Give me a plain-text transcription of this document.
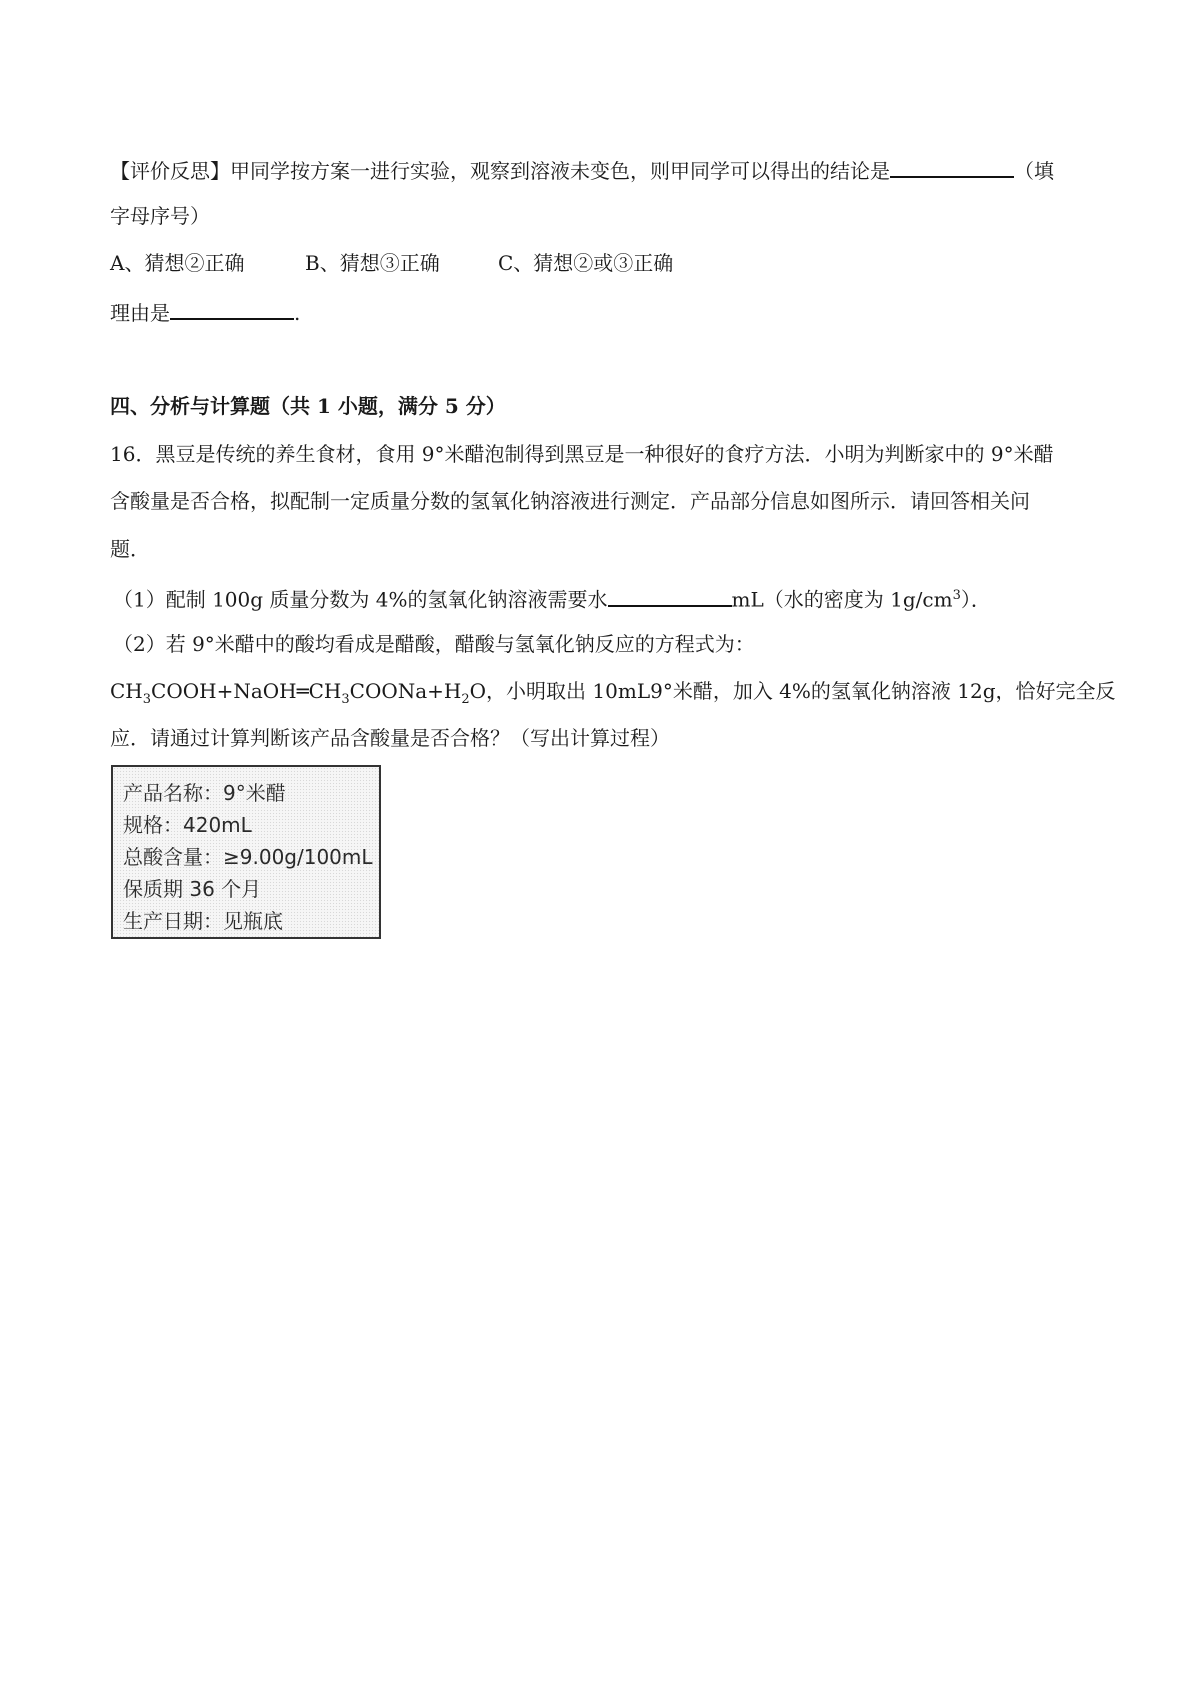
【评价反思】甲同学按方案一进行实验，观察到溶液未变色，则甲同学可以得出的结论是	（填
字母序号）
A、猜想②正确	B、猜想③正确	C、猜想②或③正确
理由是	.
四、分析与计算题（共 1 小题，满分 5 分）
16．黑豆是传统的养生食材，食用 9°米醋泡制得到黑豆是一种很好的食疗方法．小明为判断家中的 9°米醋
含酸量是否合格，拟配制一定质量分数的氢氧化钠溶液进行测定．产品部分信息如图所示．请回答相关问
题．
（1）配制 100g 质量分数为 4%的氢氧化钠溶液需要水	mL（水的密度为 $1g/cm^3$）．
（2）若 9°米醋中的酸均看成是醋酸，醋酸与氢氧化钠反应的方程式为：
$CH_3COOH+NaOH═CH_3COONa+H_2O$，小明取出 10mL9°米醋，加入 4%的氢氧化钠溶液 12g，恰好完全反
应．请通过计算判断该产品含酸量是否合格？（写出计算过程）
产品名称：9°米醋
规格：420mL
总酸含量：≥9.00g/100mL
保质期 36 个月
生产日期：见瓶底
